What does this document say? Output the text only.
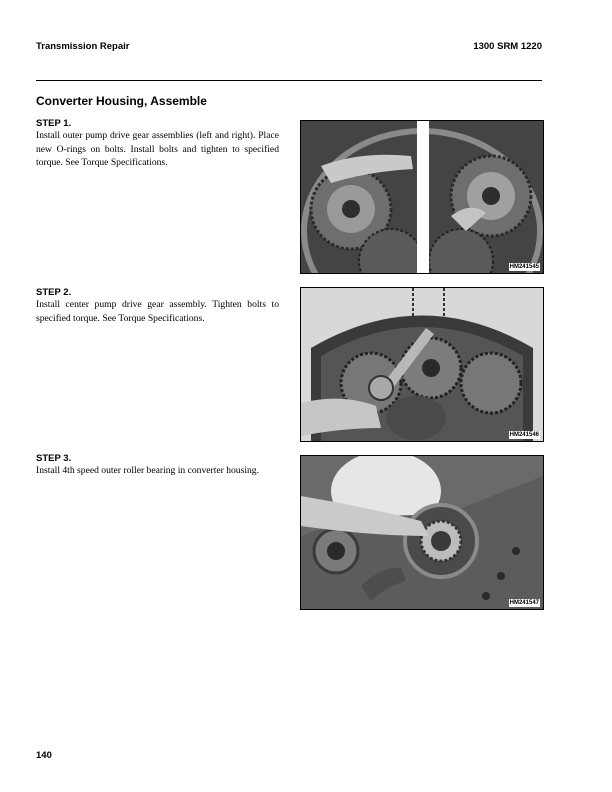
Transmission Repair	1300 SRM 1220
Converter Housing, Assemble
STEP 1.
Install outer pump drive gear assemblies (left and right). Place new O-rings on bolts. Install bolts and tighten to specified torque. See Torque Specifications.
HM241545
STEP 2.
Install center pump drive gear assembly. Tighten bolts to specified torque. See Torque Specifications.
HM241546
STEP 3.
Install 4th speed outer roller bearing in converter housing.
HM241547
140
